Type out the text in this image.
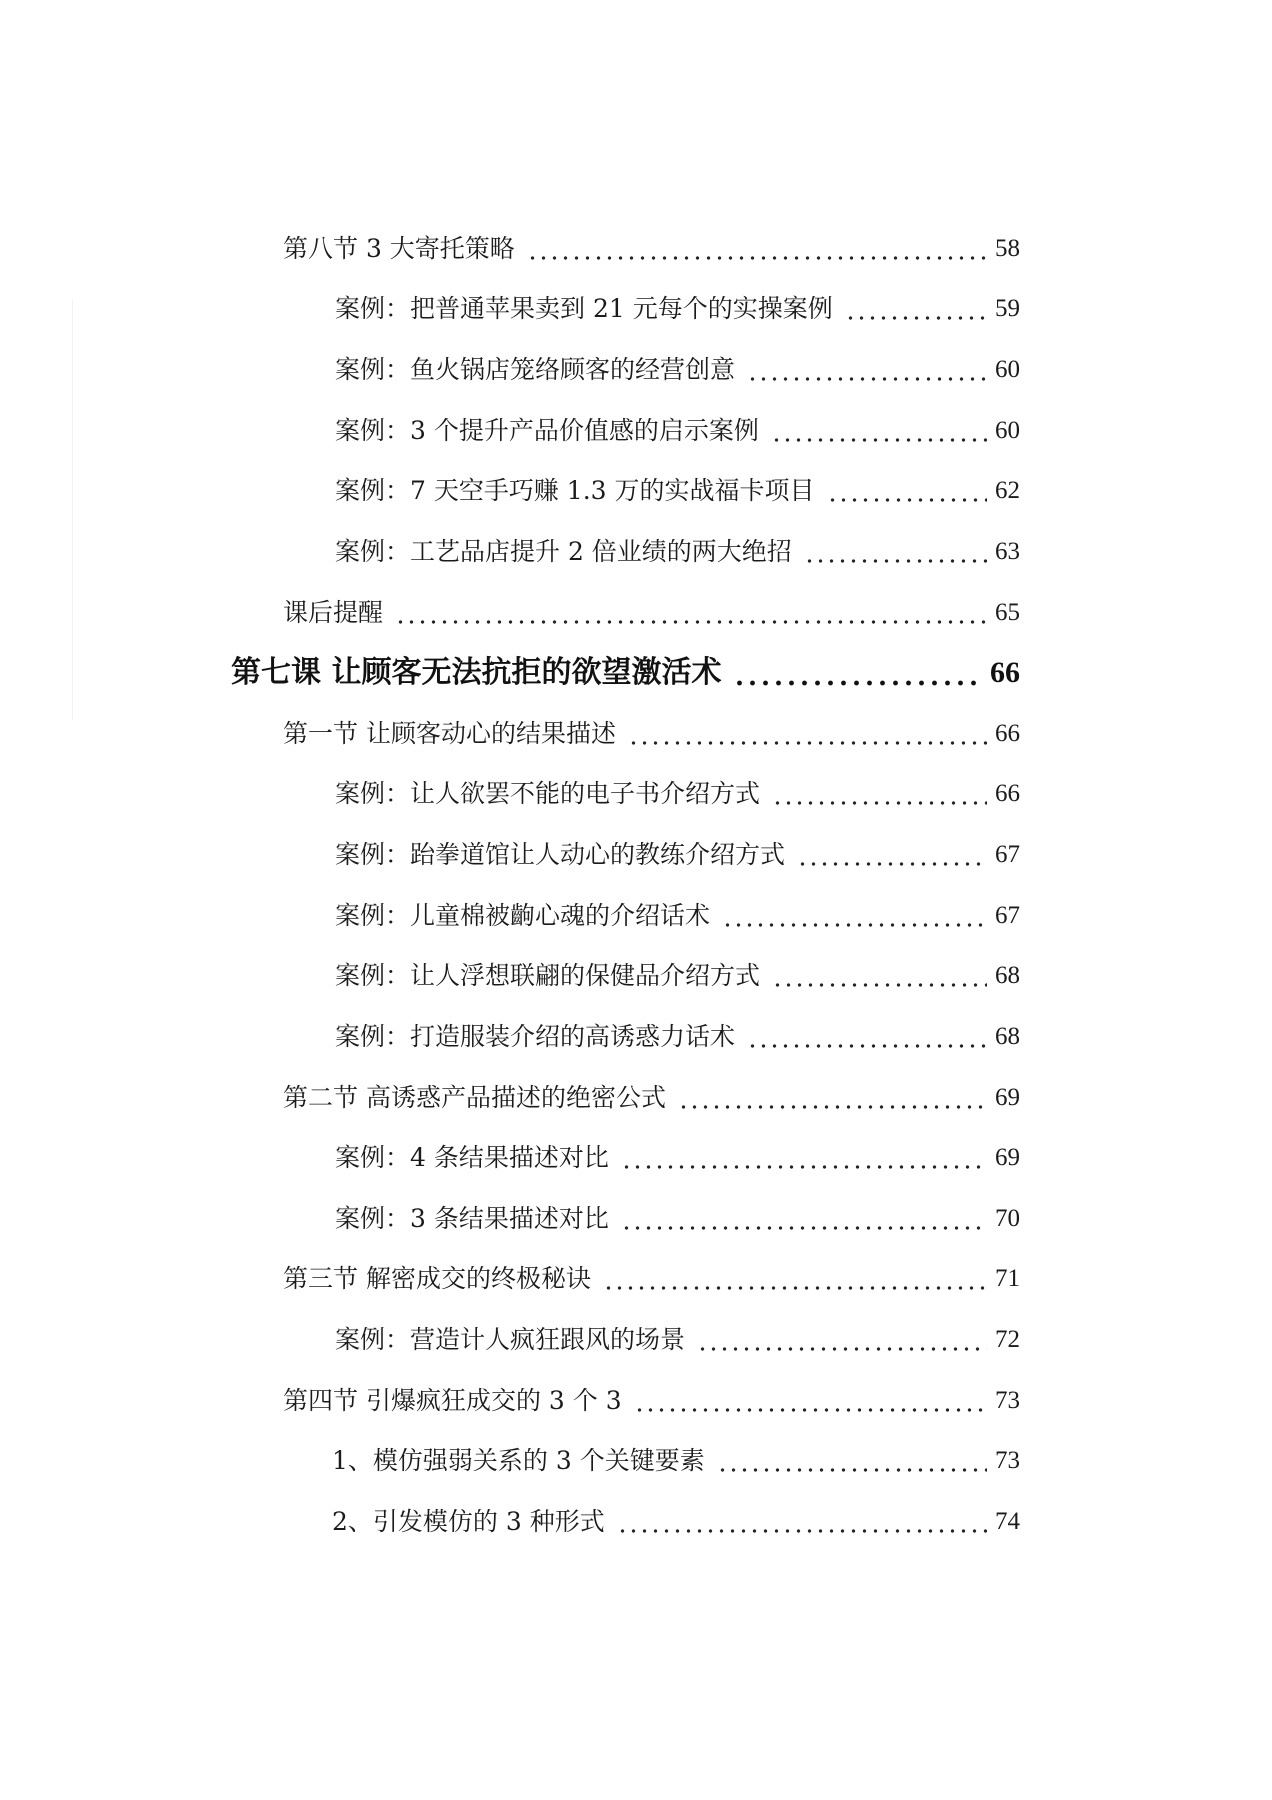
第八节 3 大寄托策略	58
案例：把普通苹果卖到 21 元每个的实操案例	59
案例：鱼火锅店笼络顾客的经营创意	60
案例：3 个提升产品价值感的启示案例	60
案例：7 天空手巧赚 1.3 万的实战福卡项目	62
案例：工艺品店提升 2 倍业绩的两大绝招	63
课后提醒	65
第七课 让顾客无法抗拒的欲望激活术	66
第一节 让顾客动心的结果描述	66
案例：让人欲罢不能的电子书介绍方式	66
案例：跆拳道馆让人动心的教练介绍方式	67
案例：儿童棉被齣心魂的介绍话术	67
案例：让人浮想联翩的保健品介绍方式	68
案例：打造服装介绍的高诱惑力话术	68
第二节 高诱惑产品描述的绝密公式	69
案例：4 条结果描述对比	69
案例：3 条结果描述对比	70
第三节 解密成交的终极秘诀	71
案例：营造计人疯狂跟风的场景	72
第四节 引爆疯狂成交的 3 个 3	73
1、模仿强弱关系的 3 个关键要素	73
2、引发模仿的 3 种形式	74
